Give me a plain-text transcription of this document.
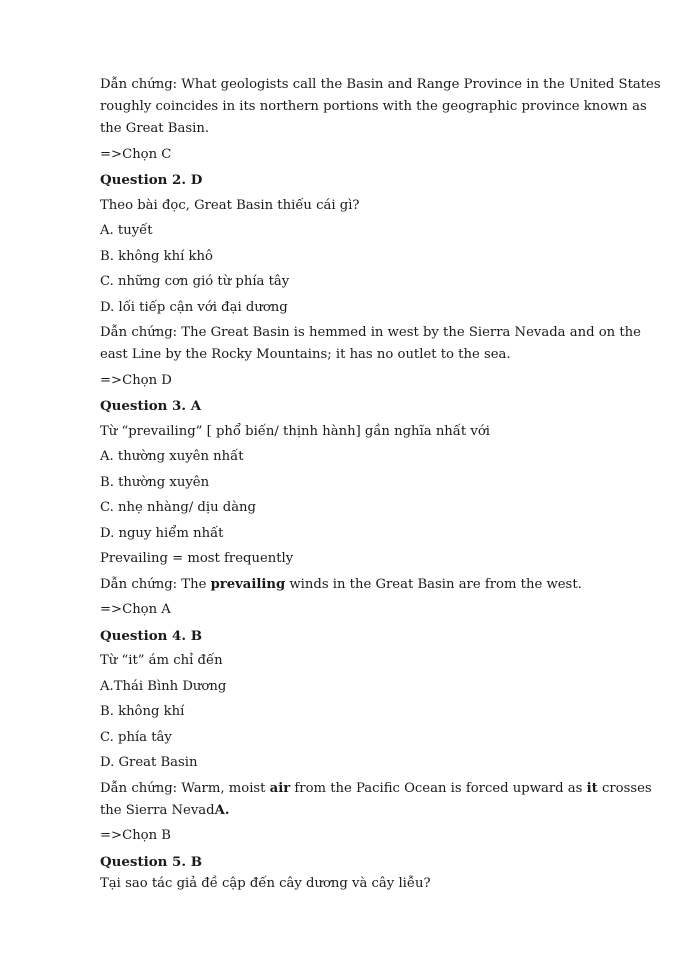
Dẫn chứng: What geologists call the Basin and Range Province in the United States
roughly coincides in its northern portions with the geographic province known as
the Great Basin.
=>Chọn C
Question 2. D
Theo bài đọc, Great Basin thiếu cái gì?
A. tuyết
B. không khí khô
C. những cơn gió từ phía tây
D. lối tiếp cận với đại dương
Dẫn chứng: The Great Basin is hemmed in west by the Sierra Nevada and on the
east Line by the Rocky Mountains; it has no outlet to the sea.
=>Chọn D
Question 3. A
Từ “prevailing” [ phổ biến/ thịnh hành] gần nghĩa nhất với
A. thường xuyên nhất
B. thường xuyên
C. nhẹ nhàng/ dịu dàng
D. nguy hiểm nhất
Prevailing = most frequently
Dẫn chứng: The prevailing winds in the Great Basin are from the west.
=>Chọn A
Question 4. B
Từ “it” ám chỉ đến
A.Thái Bình Dương
B. không khí
C. phía tây
D. Great Basin
Dẫn chứng: Warm, moist air from the Pacific Ocean is forced upward as it crosses
the Sierra NevadA.
=>Chọn B
Question 5. B
Tại sao tác giả đề cập đến cây dương và cây liễu?
